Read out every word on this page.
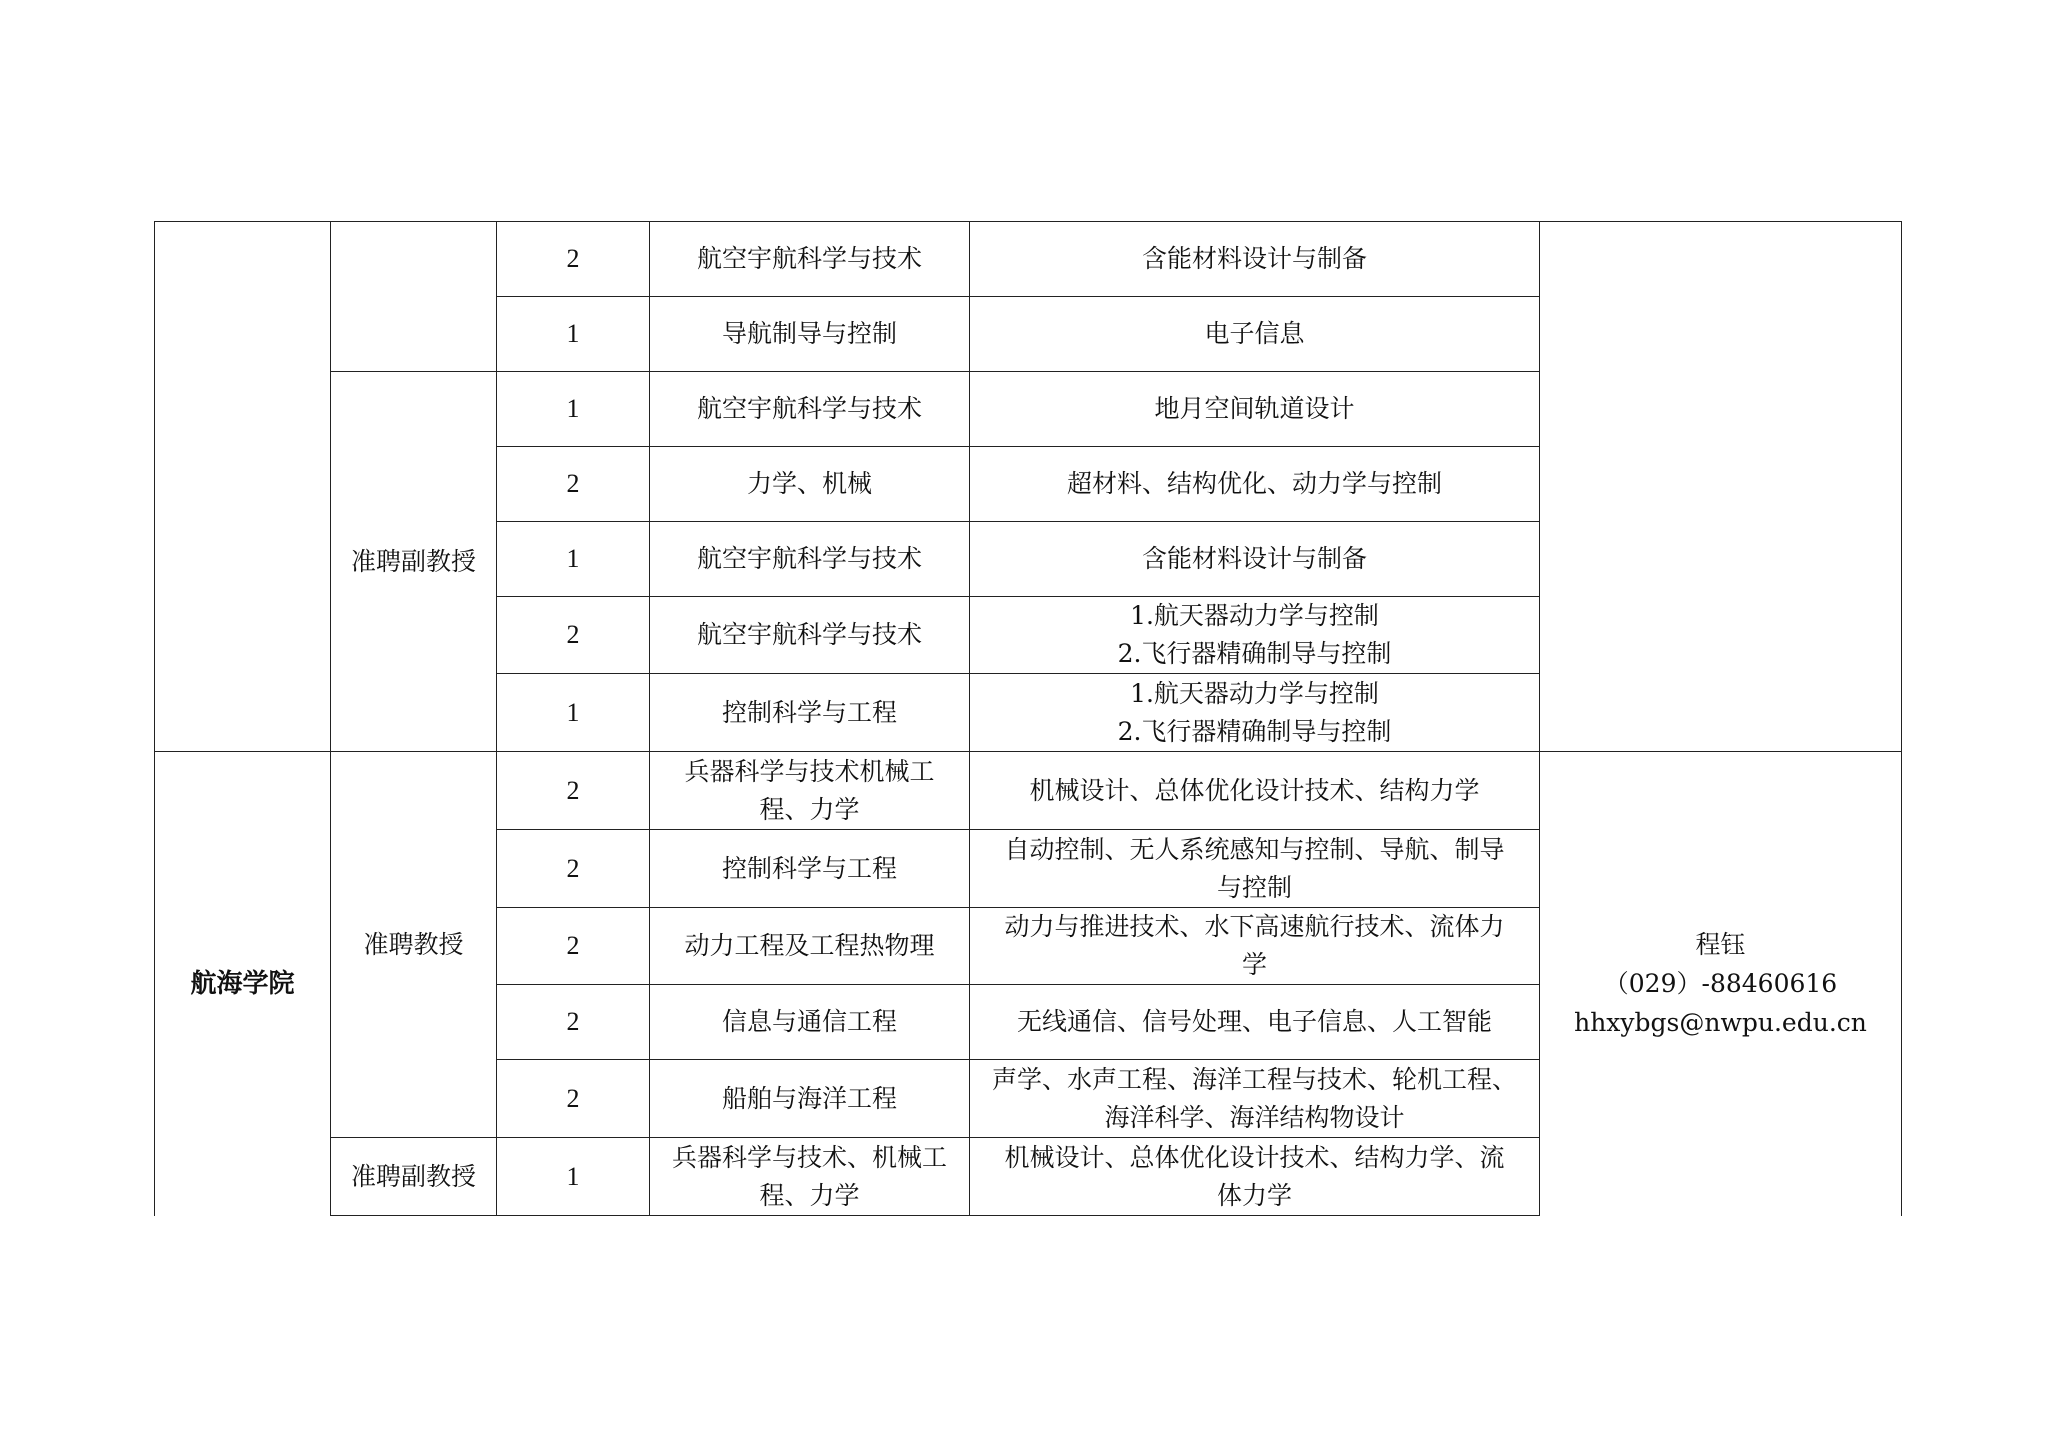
		2	航空宇航科学与技术	含能材料设计与制备	
		1	导航制导与控制	电子信息	
	准聘副教授	1	航空宇航科学与技术	地月空间轨道设计	
		2	力学、机械	超材料、结构优化、动力学与控制	
		1	航空宇航科学与技术	含能材料设计与制备	
		2	航空宇航科学与技术	1.航天器动力学与控制
2.飞行器精确制导与控制	

		1	控制科学与工程	1.航天器动力学与控制
2.飞行器精确制导与控制	

航海学院	准聘教授	2	兵器科学与技术机械工
程、力学	机械设计、总体优化设计技术、结构力学	程钰
（029）-88460616
hhxybgs@nwpu.edu.cn

		2	控制科学与工程	自动控制、无人系统感知与控制、导航、制导
与控制	

		2	动力工程及工程热物理	动力与推进技术、水下高速航行技术、流体力
学	

		2	信息与通信工程	无线通信、信号处理、电子信息、人工智能	
		2	船舶与海洋工程	声学、水声工程、海洋工程与技术、轮机工程、
海洋科学、海洋结构物设计	

	准聘副教授	1	兵器科学与技术、机械工
程、力学	机械设计、总体优化设计技术、结构力学、流
体力学	
